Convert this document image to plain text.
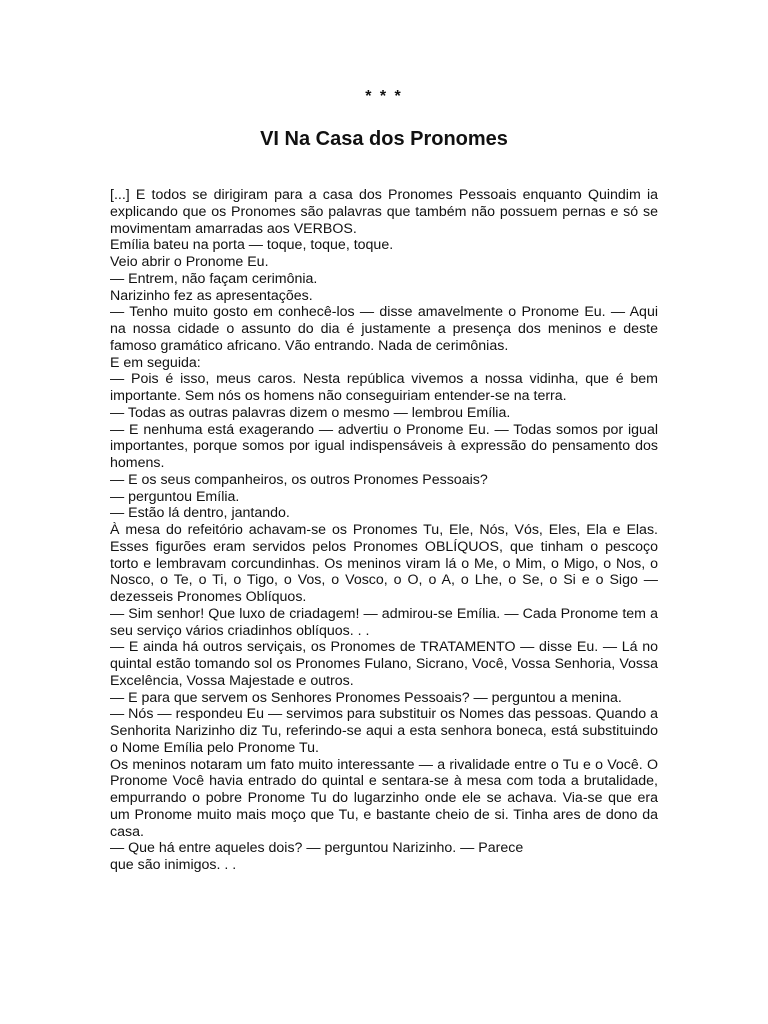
* * *
VI Na Casa dos Pronomes

[...] E todos se dirigiram para a casa dos Pronomes Pessoais enquanto Quindim ia explicando que os Pronomes são palavras que também não possuem pernas e só se movimentam amarradas aos VERBOS.

Emília bateu na porta — toque, toque, toque.

Veio abrir o Pronome Eu.

— Entrem, não façam cerimônia.

Narizinho fez as apresentações.

— Tenho muito gosto em conhecê-los — disse amavelmente o Pronome Eu. — Aqui na nossa cidade o assunto do dia é justamente a presença dos meninos e deste famoso gramático africano. Vão entrando. Nada de cerimônias.

E em seguida:

— Pois é isso, meus caros. Nesta república vivemos a nossa vidinha, que é bem importante. Sem nós os homens não conseguiriam entender-se na terra.

— Todas as outras palavras dizem o mesmo — lembrou Emília.

— E nenhuma está exagerando — advertiu o Pronome Eu. — Todas somos por igual importantes, porque somos por igual indispensáveis à expressão do pensamento dos homens.

— E os seus companheiros, os outros Pronomes Pessoais?

— perguntou Emília.

— Estão lá dentro, jantando.

À mesa do refeitório achavam-se os Pronomes Tu, Ele, Nós, Vós, Eles, Ela e Elas. Esses figurões eram servidos pelos Pronomes OBLÍQUOS, que tinham o pescoço torto e lembravam corcundinhas. Os meninos viram lá o Me, o Mim, o Migo, o Nos, o Nosco, o Te, o Ti, o Tigo, o Vos, o Vosco, o O, o A, o Lhe, o Se, o Si e o Sigo — dezesseis Pronomes Oblíquos.

— Sim senhor! Que luxo de criadagem! — admirou-se Emília. — Cada Pronome tem a seu serviço vários criadinhos oblíquos. . .

— E ainda há outros serviçais, os Pronomes de TRATAMENTO — disse Eu. — Lá no quintal estão tomando sol os Pronomes Fulano, Sicrano, Você, Vossa Senhoria, Vossa Excelência, Vossa Majestade e outros.

— E para que servem os Senhores Pronomes Pessoais? — perguntou a menina.

— Nós — respondeu Eu — servimos para substituir os Nomes das pessoas. Quando a Senhorita Narizinho diz Tu, referindo-se aqui a esta senhora boneca, está substituindo o Nome Emília pelo Pronome Tu.

Os meninos notaram um fato muito interessante — a rivalidade entre o Tu e o Você. O Pronome Você havia entrado do quintal e sentara-se à mesa com toda a brutalidade, empurrando o pobre Pronome Tu do lugarzinho onde ele se achava. Via-se que era um Pronome muito mais moço que Tu, e bastante cheio de si. Tinha ares de dono da casa.

— Que há entre aqueles dois? — perguntou Narizinho. — Parece

que são inimigos. . .
